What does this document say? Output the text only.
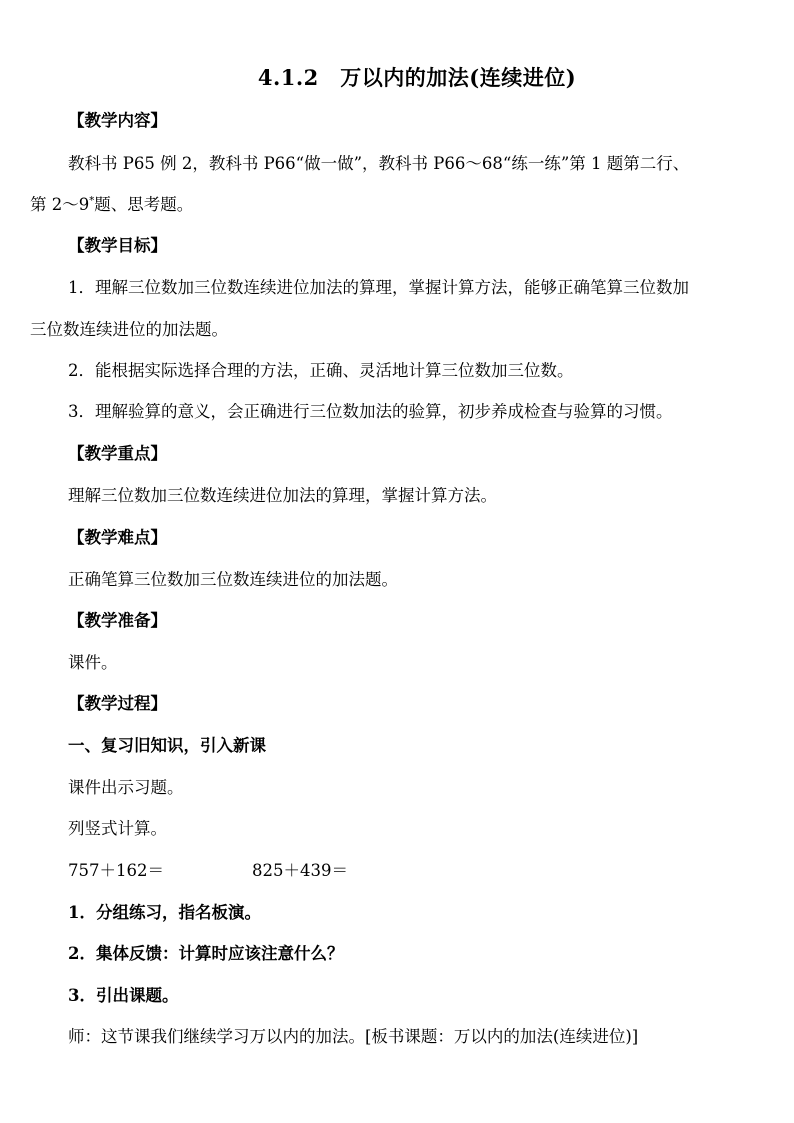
4.1.2　万以内的加法(连续进位)
【教学内容】
教科书 P65 例 2，教科书 P66“做一做”，教科书 P66～68“练一练”第 1 题第二行、
第 2～9*题、思考题。
【教学目标】
1．理解三位数加三位数连续进位加法的算理，掌握计算方法，能够正确笔算三位数加
三位数连续进位的加法题。
2．能根据实际选择合理的方法，正确、灵活地计算三位数加三位数。
3．理解验算的意义，会正确进行三位数加法的验算，初步养成检查与验算的习惯。
【教学重点】
理解三位数加三位数连续进位加法的算理，掌握计算方法。
【教学难点】
正确笔算三位数加三位数连续进位的加法题。
【教学准备】
课件。
【教学过程】
一、复习旧知识，引入新课
课件出示习题。
列竖式计算。
757＋162＝	825＋439＝
1．分组练习，指名板演。
2．集体反馈：计算时应该注意什么？
3．引出课题。
师：这节课我们继续学习万以内的加法。[板书课题：万以内的加法(连续进位)]
